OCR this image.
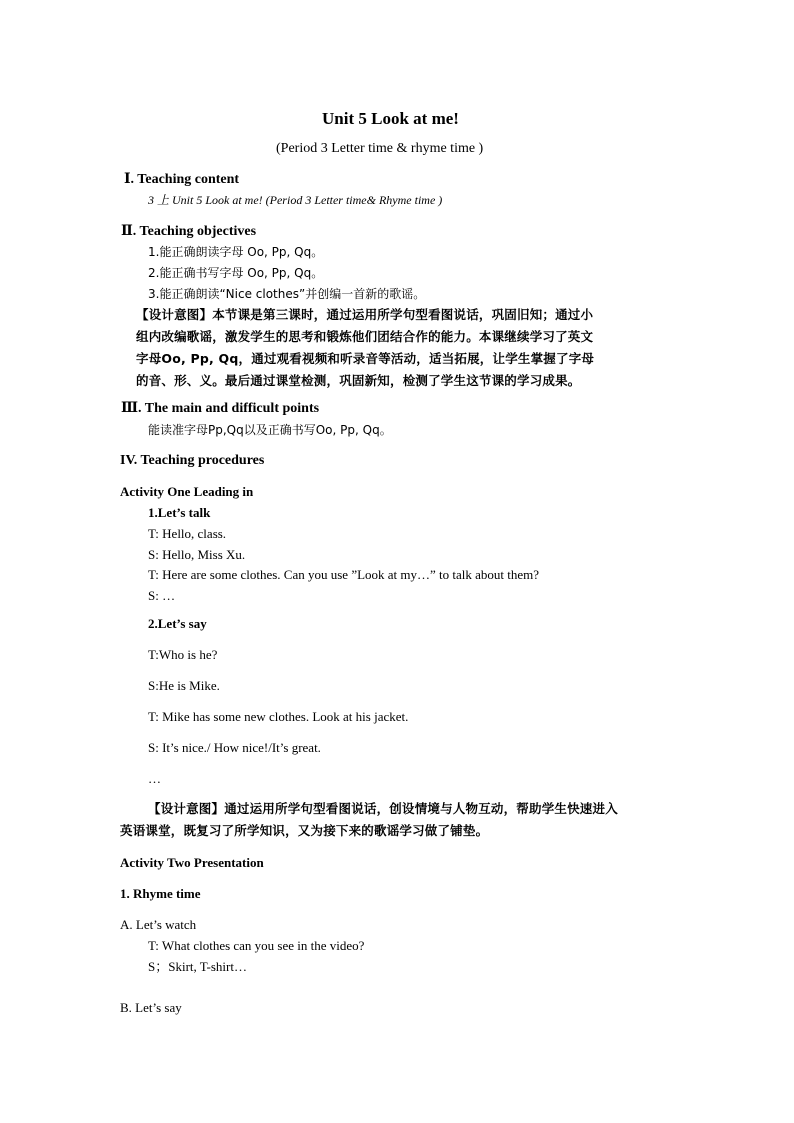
Unit 5 Look at me!
(Period 3 Letter time & rhyme time )
Ⅰ. Teaching content
3 上 Unit 5 Look at me! (Period 3 Letter time& Rhyme time )
Ⅱ. Teaching objectives
1.能正确朗读字母 Oo, Pp, Qq。
2.能正确书写字母 Oo, Pp, Qq。
3.能正确朗读“Nice clothes”并创编一首新的歌谣。
【设计意图】本节课是第三课时，通过运用所学句型看图说话，巩固旧知；通过小
组内改编歌谣，激发学生的思考和锻炼他们团结合作的能力。本课继续学习了英文
字母Oo, Pp, Qq，通过观看视频和听录音等活动，适当拓展，让学生掌握了字母
的音、形、义。最后通过课堂检测，巩固新知，检测了学生这节课的学习成果。
Ⅲ. The main and difficult points
能读准字母Pp,Qq以及正确书写Oo, Pp, Qq。
IV. Teaching procedures
Activity One Leading in
1.Let’s talk
T: Hello, class.
S: Hello, Miss Xu.
T: Here are some clothes. Can you use ”Look at my…” to talk about them?
S: …
2.Let’s say
T:Who is he?
S:He is Mike.
T: Mike has some new clothes. Look at his jacket.
S: It’s nice./ How nice!/It’s great.
…
【设计意图】通过运用所学句型看图说话，创设情境与人物互动，帮助学生快速进入
英语课堂，既复习了所学知识，又为接下来的歌谣学习做了铺垫。
Activity Two Presentation
1. Rhyme time
A. Let’s watch
T: What clothes can you see in the video?
S；Skirt, T-shirt…
B. Let’s say
